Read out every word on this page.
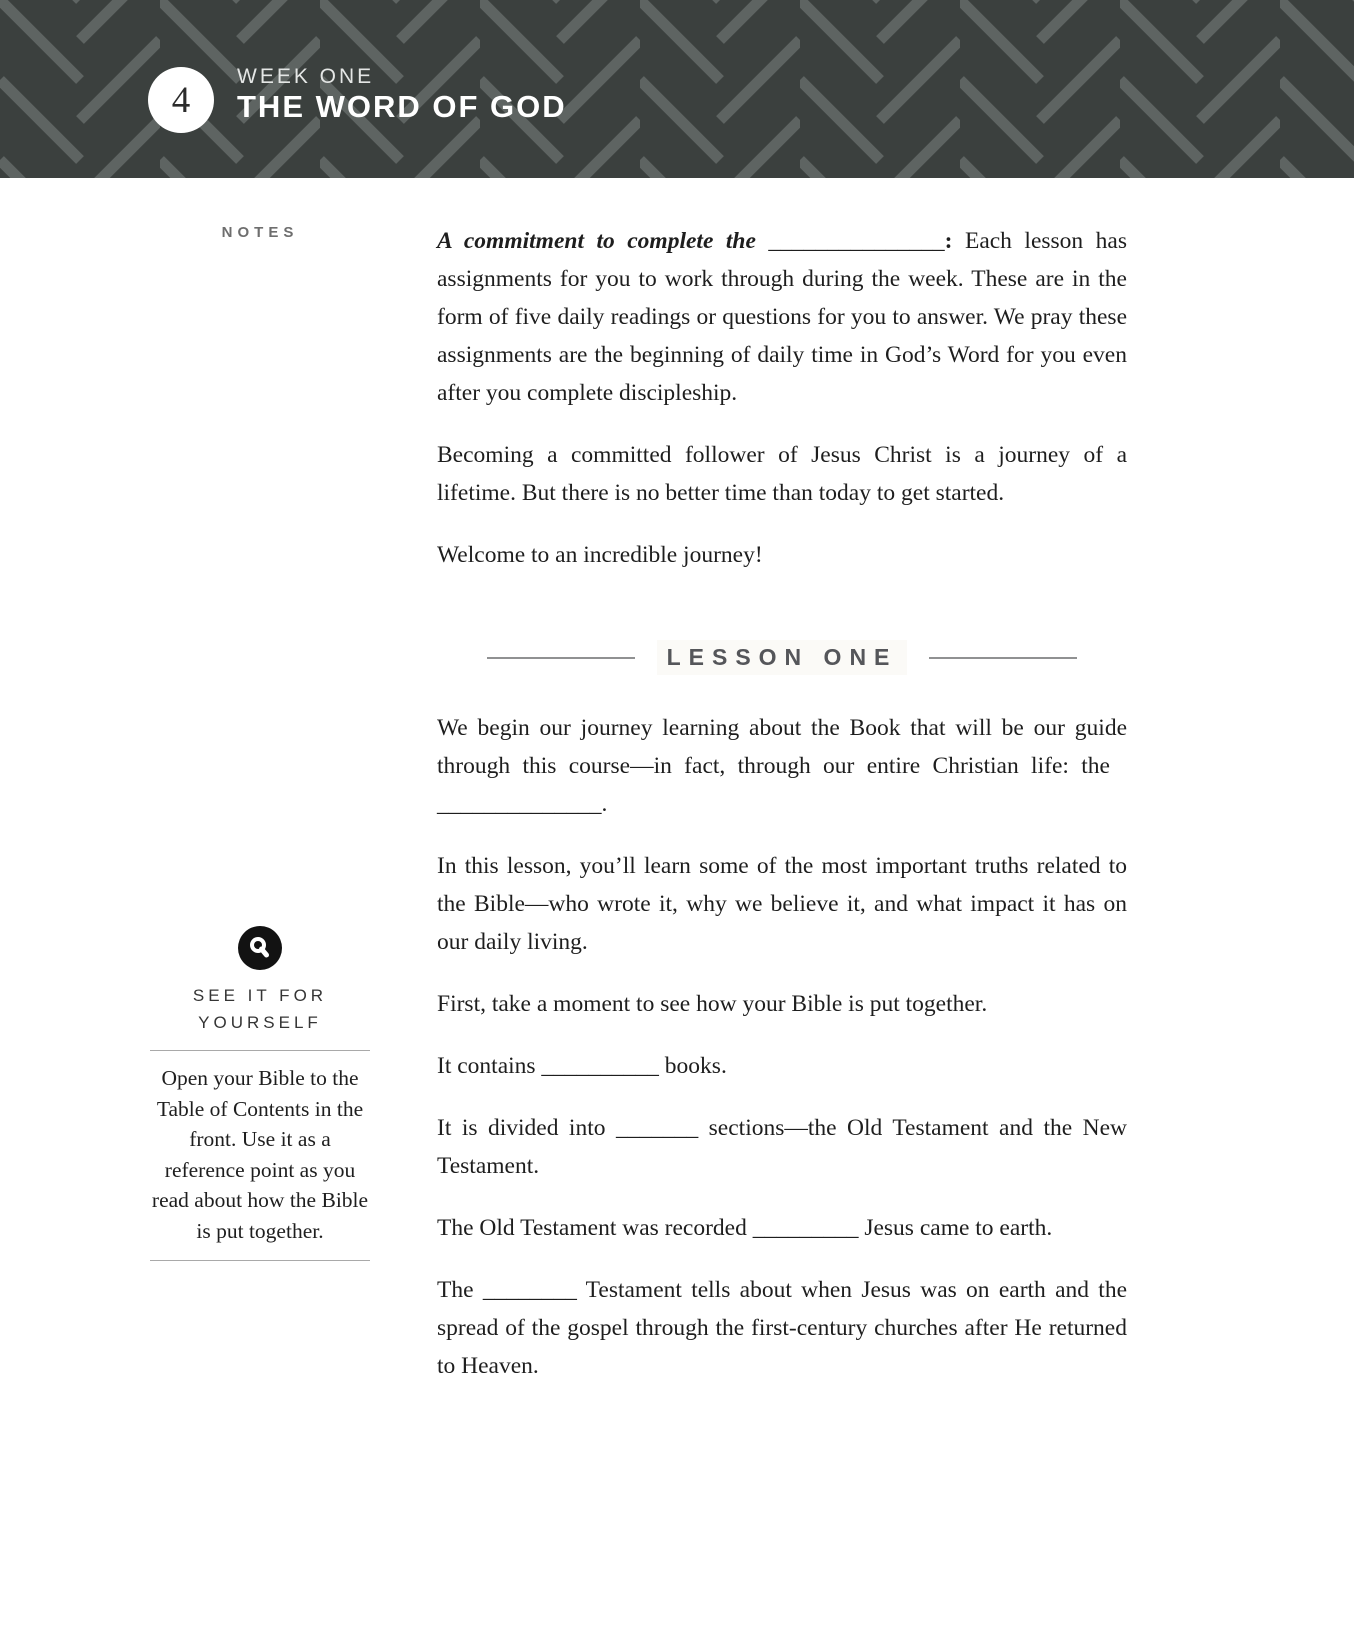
4
WEEK ONE
THE WORD OF GOD
NOTES
SEE IT FOR YOURSELF
Open your Bible to the Table of Contents in the front. Use it as a reference point as you read about how the Bible is put together.

A commitment to complete the _______________: Each lesson has assignments for you to work through during the week. These are in the form of five daily readings or questions for you to answer. We pray these assignments are the beginning of daily time in God’s Word for you even after you complete discipleship.

Becoming a committed follower of Jesus Christ is a journey of a lifetime. But there is no better time than today to get started.

Welcome to an incredible journey!

LESSON ONE

We begin our journey learning about the Book that will be our guide through this course—in fact, through our entire Christian life: the  ______________.

In this lesson, you’ll learn some of the most important truths related to the Bible—who wrote it, why we believe it, and what impact it has on our daily living.

First, take a moment to see how your Bible is put together.

It contains __________ books.

It is divided into _______ sections—the Old Testament and the New Testament.

The Old Testament was recorded _________ Jesus came to earth.

The ________ Testament tells about when Jesus was on earth and the spread of the gospel through the first-century churches after He returned to Heaven.
